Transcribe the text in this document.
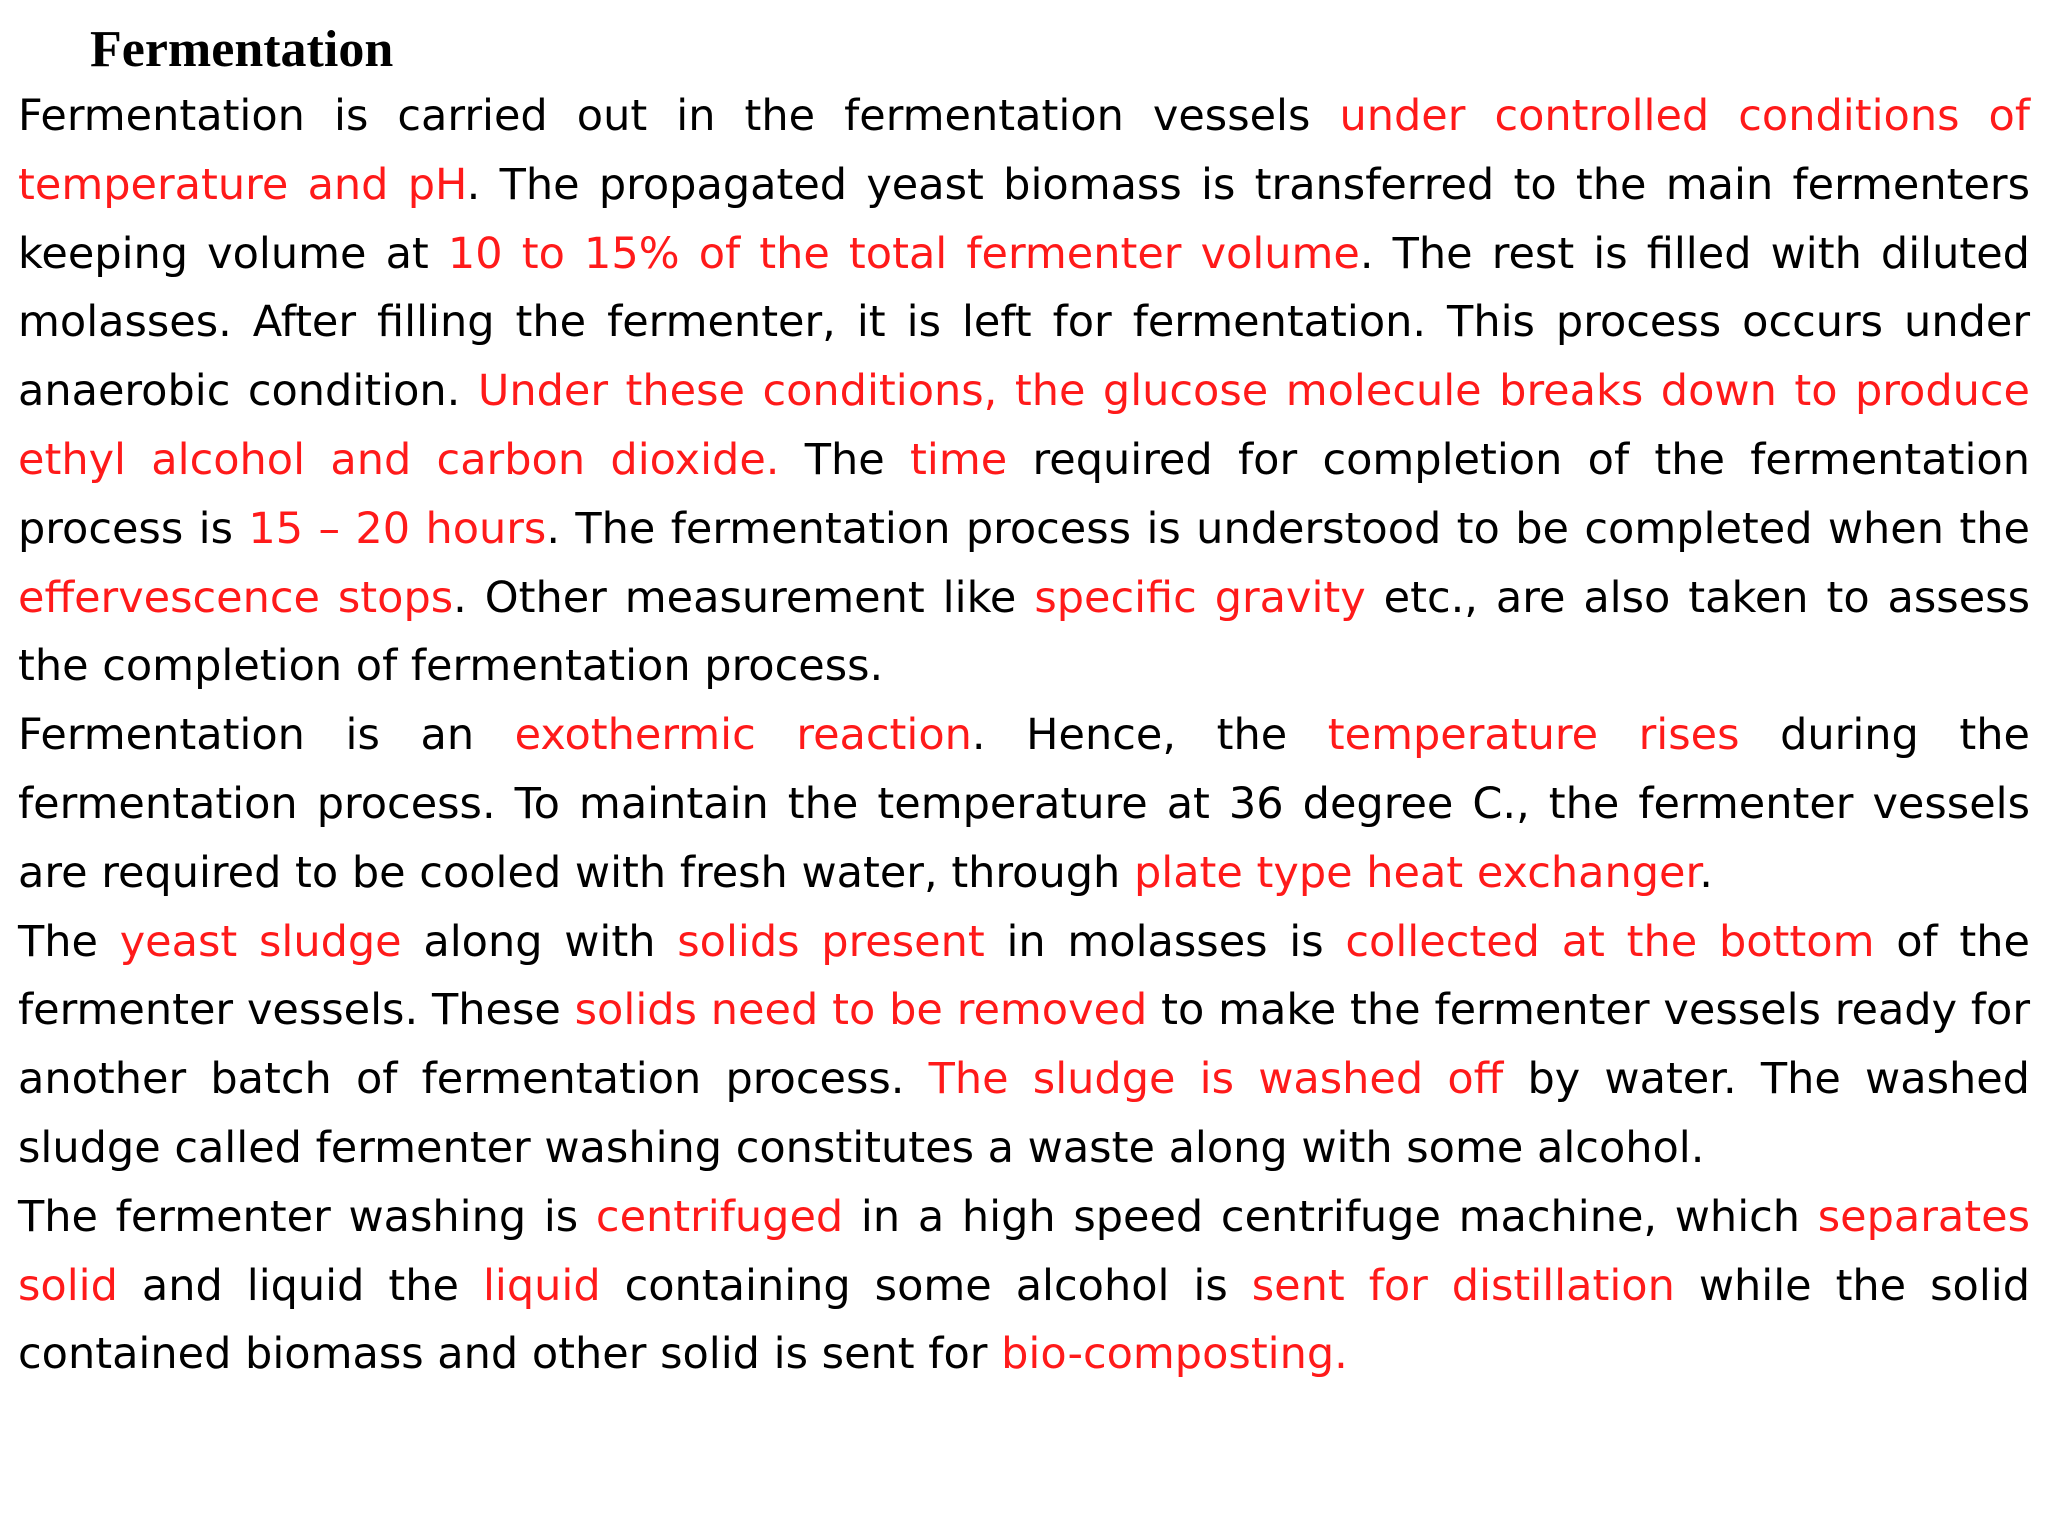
Fermentation

Fermentation is carried out in the fermentation vessels under controlled conditions of temperature and pH. The propagated yeast biomass is transferred to the main fermenters keeping volume at 10 to 15% of the total fermenter volume. The rest is filled with diluted molasses. After filling the fermenter, it is left for fermentation. This process occurs under anaerobic condition. Under these conditions, the glucose molecule breaks down to produce ethyl alcohol and carbon dioxide. The time required for completion of the fermentation process is 15 – 20 hours. The fermentation process is understood to be completed when the effervescence stops. Other measurement like specific gravity etc., are also taken to assess the completion of fermentation process.

Fermentation is an exothermic reaction. Hence, the temperature rises during the fermentation process. To maintain the temperature at 36 degree C., the fermenter vessels are required to be cooled with fresh water, through plate type heat exchanger.

The yeast sludge along with solids present in molasses is collected at the bottom of the fermenter vessels. These solids need to be removed to make the fermenter vessels ready for another batch of fermentation process. The sludge is washed off by water. The washed sludge called fermenter washing constitutes a waste along with some alcohol.

The fermenter washing is centrifuged in a high speed centrifuge machine, which separates solid and liquid the liquid containing some alcohol is sent for distillation while the solid contained biomass and other solid is sent for bio-composting.
